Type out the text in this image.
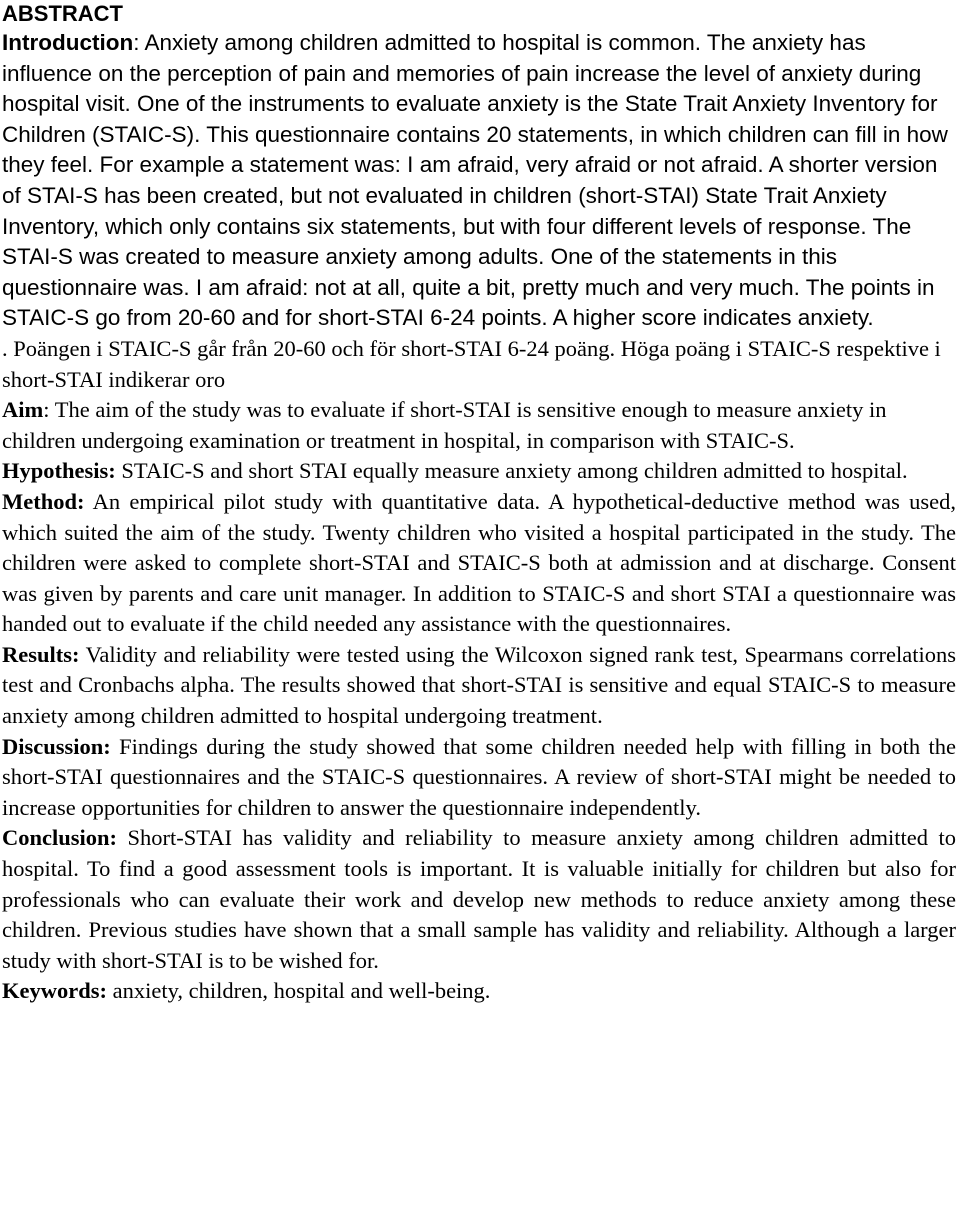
ABSTRACT

Introduction: Anxiety among children admitted to hospital is common. The anxiety has influence on the perception of pain and memories of pain increase the level of anxiety during hospital visit. One of the instruments to evaluate anxiety is the State Trait Anxiety Inventory for Children (STAIC-S). This questionnaire contains 20 statements, in which children can fill in how they feel. For example a statement was: I am afraid, very afraid or not afraid. A shorter version of STAI-S has been created, but not evaluated in children (short-STAI) State Trait Anxiety Inventory, which only contains six statements, but with four different levels of response. The STAI-S was created to measure anxiety among adults. One of the statements in this questionnaire was. I am afraid: not at all, quite a bit, pretty much and very much. The points in STAIC-S go from 20-60 and for short-STAI 6-24 points. A higher score indicates anxiety.

. Poängen i STAIC-S går från 20-60 och för short-STAI 6-24 poäng. Höga poäng i STAIC-S respektive i short-STAI indikerar oro

Aim: The aim of the study was to evaluate if short-STAI is sensitive enough to measure anxiety in children undergoing examination or treatment in hospital, in comparison with STAIC-S.

Hypothesis: STAIC-S and short STAI equally measure anxiety among children admitted to hospital.

Method: An empirical pilot study with quantitative data. A hypothetical-deductive method was used, which suited the aim of the study. Twenty children who visited a hospital participated in the study. The children were asked to complete short-STAI and STAIC-S both at admission and at discharge. Consent was given by parents and care unit manager. In addition to STAIC-S and short STAI a questionnaire was handed out to evaluate if the child needed any assistance with the questionnaires.

Results: Validity and reliability were tested using the Wilcoxon signed rank test, Spearmans correlations test and Cronbachs alpha. The results showed that short-STAI is sensitive and equal STAIC-S to measure anxiety among children admitted to hospital undergoing treatment.

Discussion: Findings during the study showed that some children needed help with filling in both the short-STAI questionnaires and the STAIC-S questionnaires. A review of short-STAI might be needed to increase opportunities for children to answer the questionnaire independently.

Conclusion: Short-STAI has validity and reliability to measure anxiety among children admitted to hospital. To find a good assessment tools is important. It is valuable initially for children but also for professionals who can evaluate their work and develop new methods to reduce anxiety among these children. Previous studies have shown that a small sample has validity and reliability. Although a larger study with short-STAI is to be wished for.

Keywords: anxiety, children, hospital and well-being.
